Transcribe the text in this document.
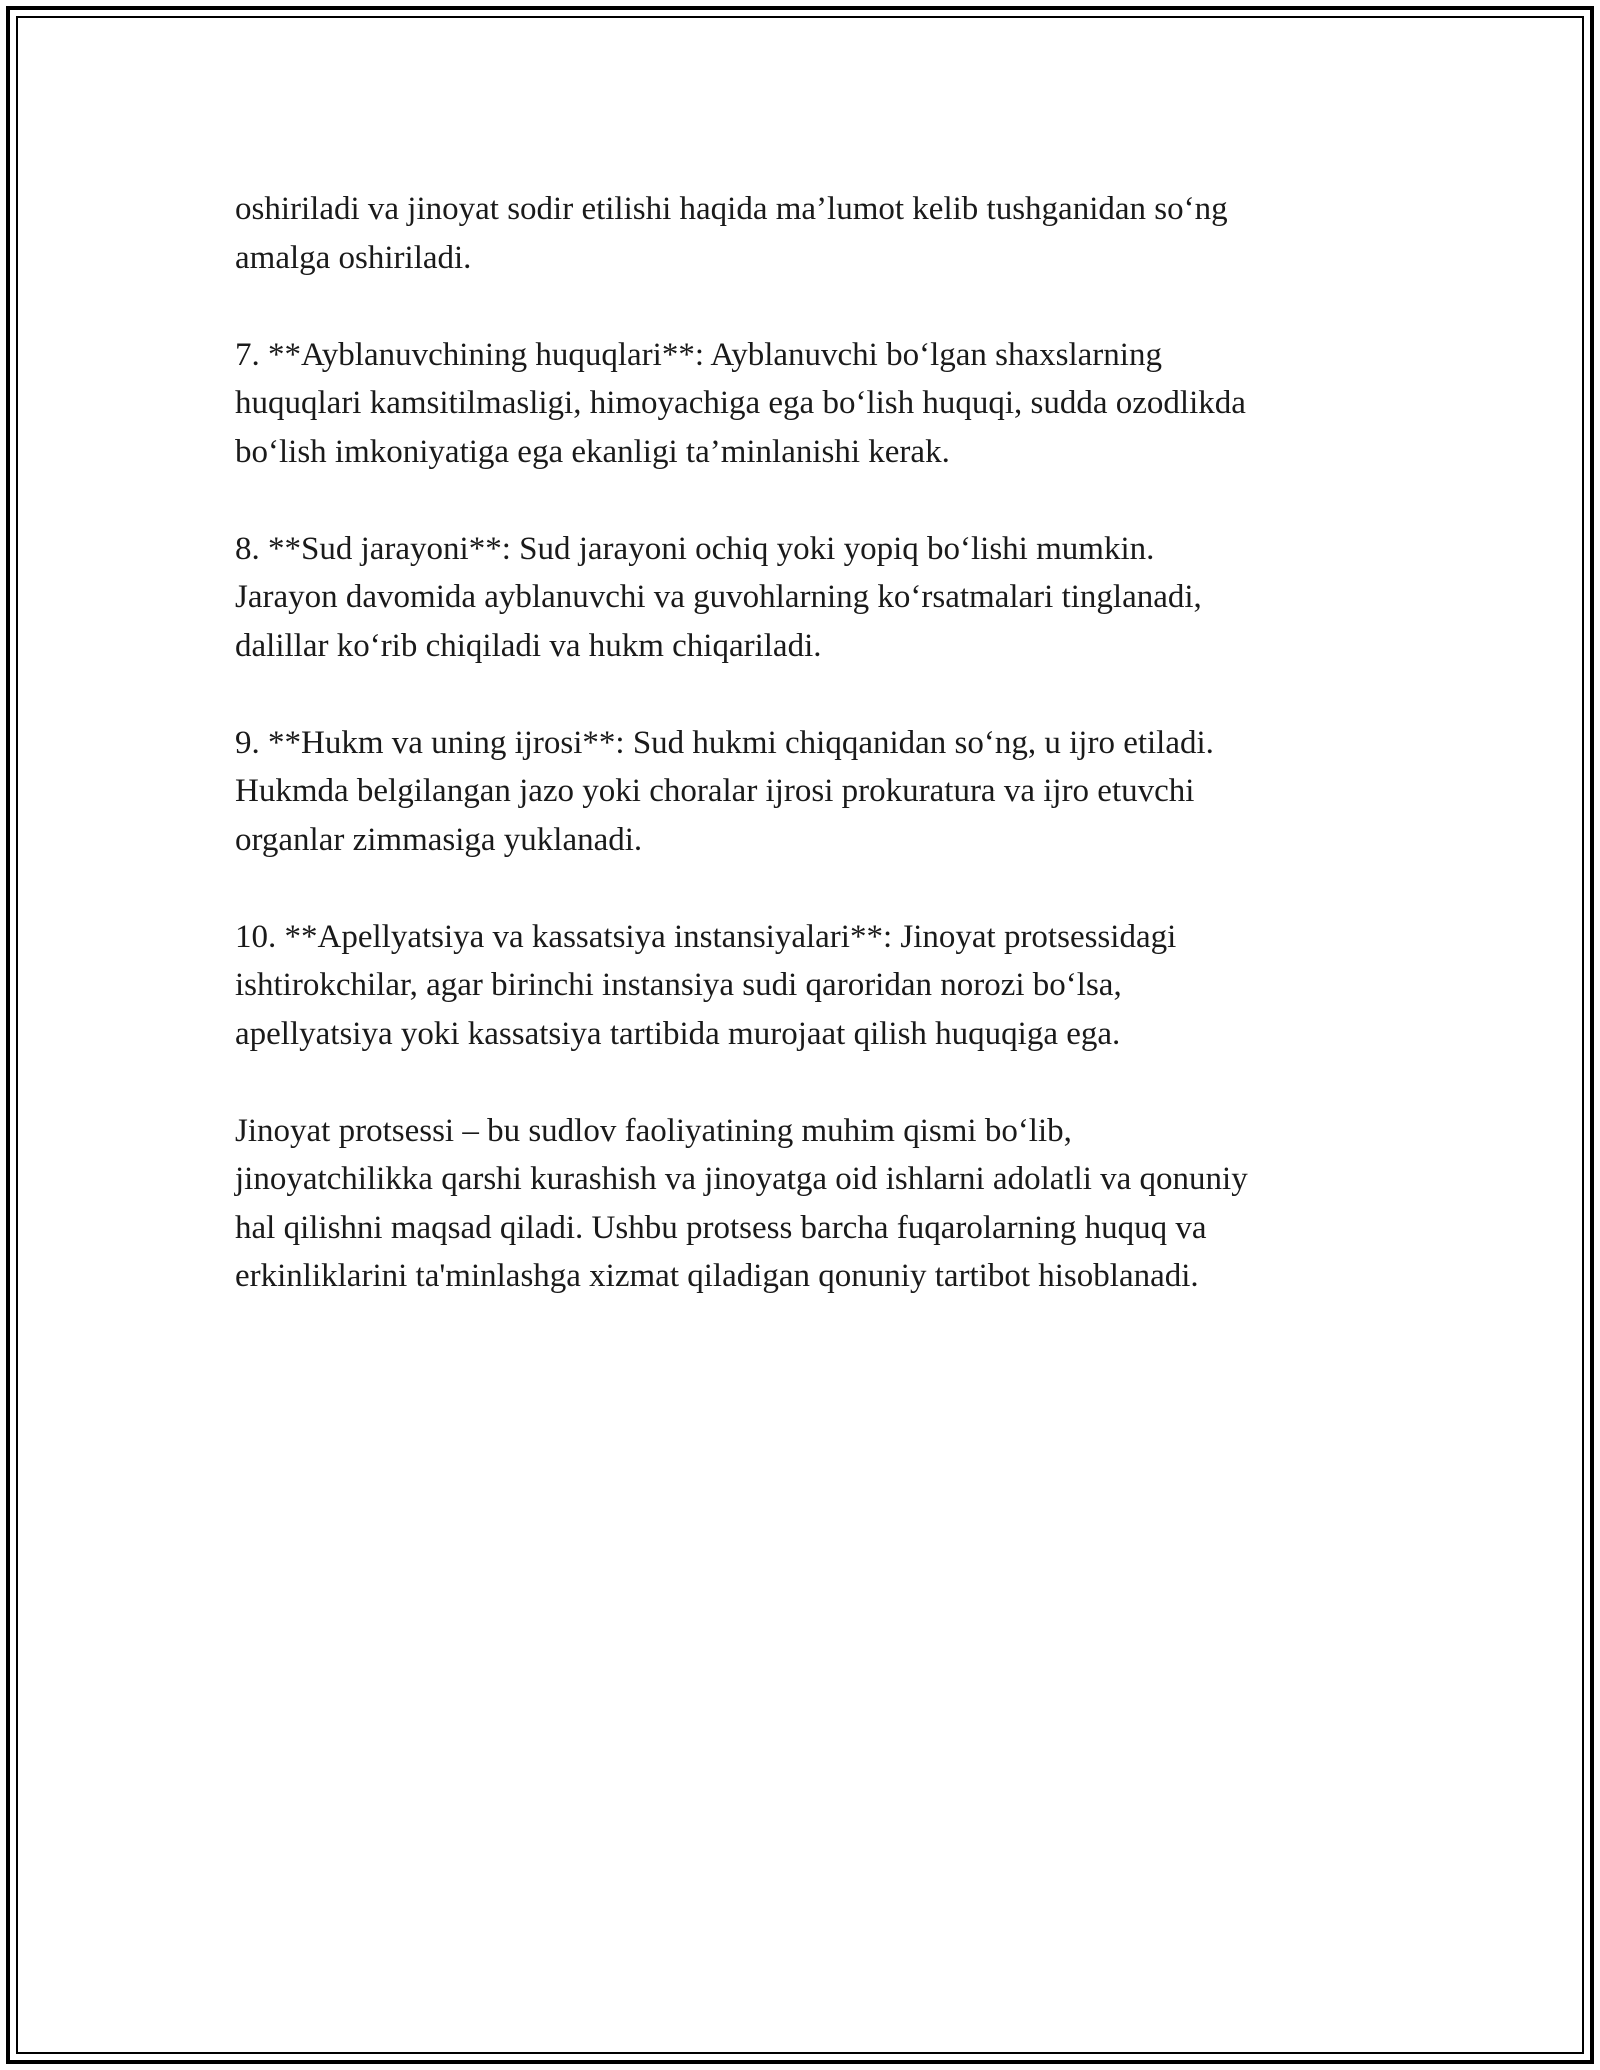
oshiriladi va jinoyat sodir etilishi haqida ma’lumot kelib tushganidan so‘ng
amalga oshiriladi.

7. **Ayblanuvchining huquqlari**: Ayblanuvchi bo‘lgan shaxslarning
huquqlari kamsitilmasligi, himoyachiga ega bo‘lish huquqi, sudda ozodlikda
bo‘lish imkoniyatiga ega ekanligi ta’minlanishi kerak.

8. **Sud jarayoni**: Sud jarayoni ochiq yoki yopiq bo‘lishi mumkin.
Jarayon davomida ayblanuvchi va guvohlarning ko‘rsatmalari tinglanadi,
dalillar ko‘rib chiqiladi va hukm chiqariladi.

9. **Hukm va uning ijrosi**: Sud hukmi chiqqanidan so‘ng, u ijro etiladi.
Hukmda belgilangan jazo yoki choralar ijrosi prokuratura va ijro etuvchi
organlar zimmasiga yuklanadi.

10. **Apellyatsiya va kassatsiya instansiyalari**: Jinoyat protsessidagi
ishtirokchilar, agar birinchi instansiya sudi qaroridan norozi bo‘lsa,
apellyatsiya yoki kassatsiya tartibida murojaat qilish huquqiga ega.

Jinoyat protsessi – bu sudlov faoliyatining muhim qismi bo‘lib,
jinoyatchilikka qarshi kurashish va jinoyatga oid ishlarni adolatli va qonuniy
hal qilishni maqsad qiladi. Ushbu protsess barcha fuqarolarning huquq va
erkinliklarini ta'minlashga xizmat qiladigan qonuniy tartibot hisoblanadi.
